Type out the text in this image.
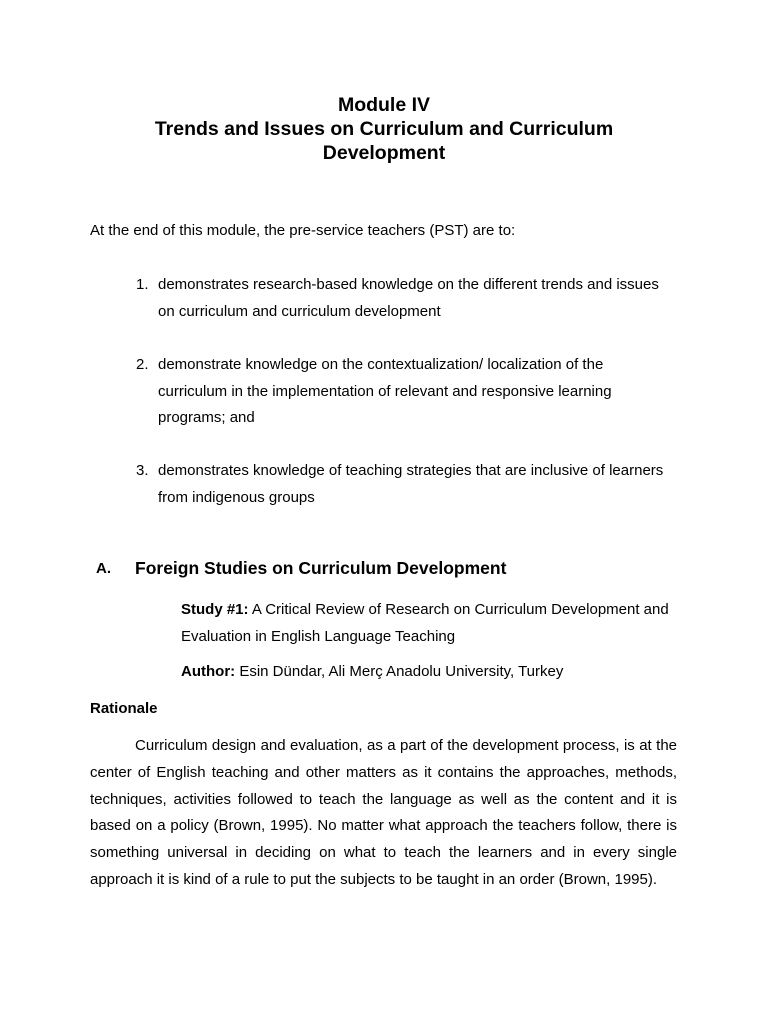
Module IV
Trends and Issues on Curriculum and Curriculum
Development
At the end of this module, the pre-service teachers (PST) are to:
1. demonstrates research-based knowledge on the different trends and issues
on curriculum and curriculum development
2. demonstrate knowledge on the contextualization/ localization of the
curriculum in the implementation of relevant and responsive learning
programs; and
3. demonstrates knowledge of teaching strategies that are inclusive of learners
from indigenous groups
A. Foreign Studies on Curriculum Development
Study #1: A Critical Review of Research on Curriculum Development and
Evaluation in English Language Teaching
Author: Esin Dündar, Ali Merç Anadolu University, Turkey
Rationale
Curriculum design and evaluation, as a part of the development process, is at the
center of English teaching and other matters as it contains the approaches, methods,
techniques, activities followed to teach the language as well as the content and it is
based on a policy (Brown, 1995). No matter what approach the teachers follow, there is
something universal in deciding on what to teach the learners and in every single
approach it is kind of a rule to put the subjects to be taught in an order (Brown, 1995).
